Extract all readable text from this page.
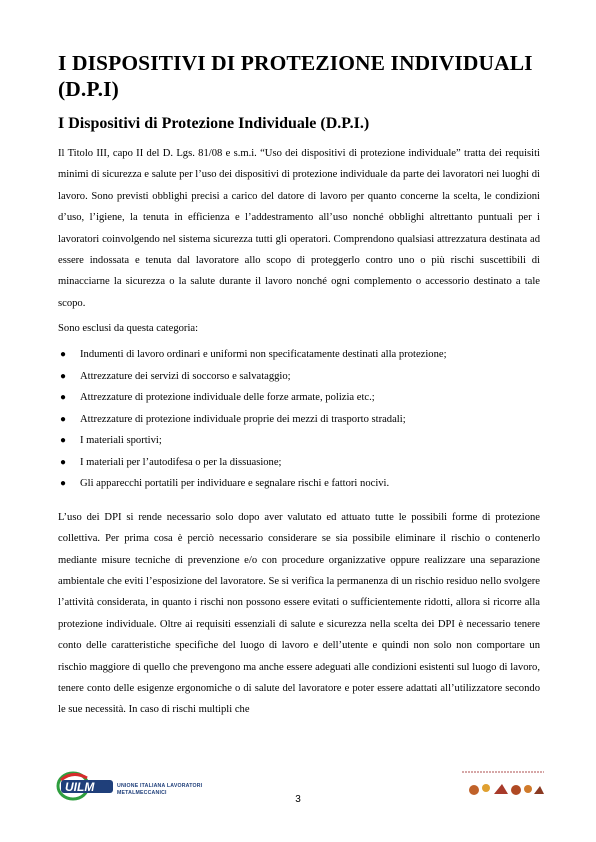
I DISPOSITIVI DI PROTEZIONE INDIVIDUALI (D.P.I)
I Dispositivi di Protezione Individuale (D.P.I.)

Il Titolo III, capo II del D. Lgs. 81/08 e s.m.i. “Uso dei dispositivi di protezione individuale” tratta dei requisiti minimi di sicurezza e salute per l’uso dei dispositivi di protezione individuale da parte dei lavoratori nei luoghi di lavoro. Sono previsti obblighi precisi a carico del datore di lavoro per quanto concerne la scelta, le condizioni d’uso, l’igiene, la tenuta in efficienza e l’addestramento all’uso nonché obblighi altrettanto puntuali per i lavoratori coinvolgendo nel sistema sicurezza tutti gli operatori. Comprendono qualsiasi attrezzatura destinata ad essere indossata e tenuta dal lavoratore allo scopo di proteggerlo contro uno o più rischi suscettibili di minacciarne la sicurezza o la salute durante il lavoro nonché ogni complemento o accessorio destinato a tale scopo.

Sono esclusi da questa categoria:

● Indumenti di lavoro ordinari e uniformi non specificatamente destinati alla protezione;
● Attrezzature dei servizi di soccorso e salvataggio;
● Attrezzature di protezione individuale delle forze armate, polizia etc.;
● Attrezzature di protezione individuale proprie dei mezzi di trasporto stradali;
● I materiali sportivi;
● I materiali per l’autodifesa o per la dissuasione;
● Gli apparecchi portatili per individuare e segnalare rischi e fattori nocivi.

L’uso dei DPI si rende necessario solo dopo aver valutato ed attuato tutte le possibili forme di protezione collettiva. Per prima cosa è perciò necessario considerare se sia possibile eliminare il rischio o contenerlo mediante misure tecniche di prevenzione e/o con procedure organizzative oppure realizzare una separazione ambientale che eviti l’esposizione del lavoratore. Se si verifica la permanenza di un rischio residuo nello svolgere l’attività considerata, in quanto i rischi non possono essere evitati o sufficientemente ridotti, allora si ricorre alla protezione individuale. Oltre ai requisiti essenziali di salute e sicurezza nella scelta dei DPI è necessario tenere conto delle caratteristiche specifiche del luogo di lavoro e dell’utente e quindi non solo non comportare un rischio maggiore di quello che prevengono ma anche essere adeguati alle condizioni esistenti sul luogo di lavoro, tenere conto delle esigenze ergonomiche o di salute del lavoratore e poter essere adattati all’utilizzatore secondo le sue necessità. In caso di rischi multipli che

UILM	UNIONE ITALIANA LAVORATORI
METALMECCANICI
3
